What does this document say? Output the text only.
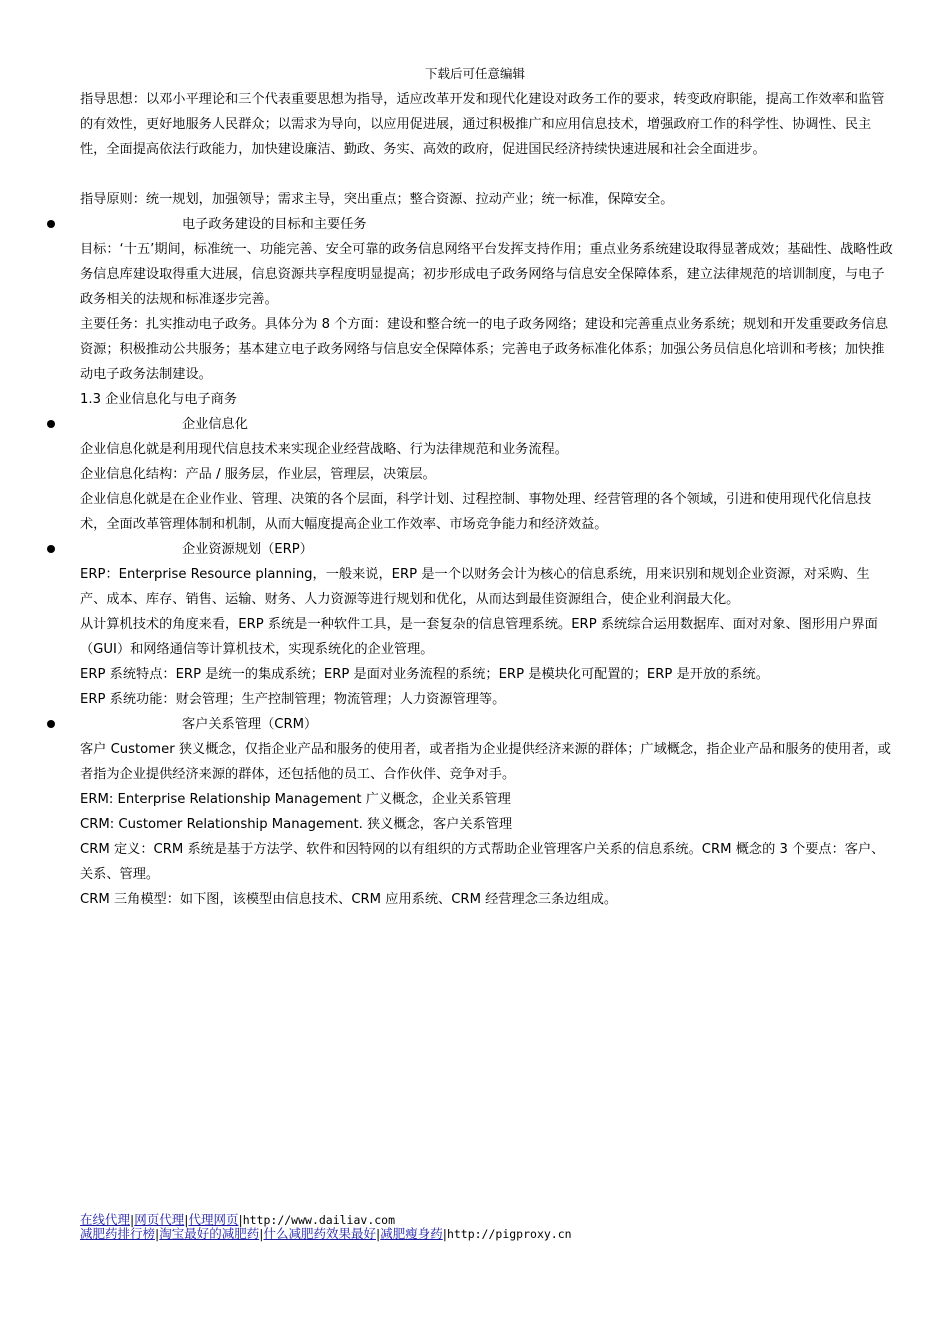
下载后可任意编辑

指导思想：以邓小平理论和三个代表重要思想为指导，适应改革开发和现代化建设对政务工作的要求，转变政府职能，提高工作效率和监管的有效性，更好地服务人民群众；以需求为导向，以应用促进展，通过积极推广和应用信息技术，增强政府工作的科学性、协调性、民主性，全面提高依法行政能力，加快建设廉洁、勤政、务实、高效的政府，促进国民经济持续快速进展和社会全面进步。

指导原则：统一规划，加强领导；需求主导，突出重点；整合资源、拉动产业；统一标准，保障安全。

电子政务建设的目标和主要任务

目标：‘十五’期间，标准统一、功能完善、安全可靠的政务信息网络平台发挥支持作用；重点业务系统建设取得显著成效；基础性、战略性政务信息库建设取得重大进展，信息资源共享程度明显提高；初步形成电子政务网络与信息安全保障体系，建立法律规范的培训制度，与电子政务相关的法规和标准逐步完善。

主要任务：扎实推动电子政务。具体分为 8 个方面：建设和整合统一的电子政务网络；建设和完善重点业务系统；规划和开发重要政务信息资源；积极推动公共服务；基本建立电子政务网络与信息安全保障体系；完善电子政务标准化体系；加强公务员信息化培训和考核；加快推动电子政务法制建设。

1.3 企业信息化与电子商务

企业信息化

企业信息化就是利用现代信息技术来实现企业经营战略、行为法律规范和业务流程。

企业信息化结构：产品 / 服务层，作业层，管理层，决策层。

企业信息化就是在企业作业、管理、决策的各个层面，科学计划、过程控制、事物处理、经营管理的各个领域，引进和使用现代化信息技术，全面改革管理体制和机制，从而大幅度提高企业工作效率、市场竞争能力和经济效益。

企业资源规划（ERP）

ERP：Enterprise Resource planning，一般来说，ERP 是一个以财务会计为核心的信息系统，用来识别和规划企业资源，对采购、生产、成本、库存、销售、运输、财务、人力资源等进行规划和优化，从而达到最佳资源组合，使企业利润最大化。

从计算机技术的角度来看，ERP 系统是一种软件工具，是一套复杂的信息管理系统。ERP 系统综合运用数据库、面对对象、图形用户界面（GUI）和网络通信等计算机技术，实现系统化的企业管理。

ERP 系统特点：ERP 是统一的集成系统；ERP 是面对业务流程的系统；ERP 是模块化可配置的；ERP 是开放的系统。

ERP 系统功能：财会管理；生产控制管理；物流管理；人力资源管理等。

客户关系管理（CRM）

客户 Customer 狭义概念，仅指企业产品和服务的使用者，或者指为企业提供经济来源的群体；广域概念，指企业产品和服务的使用者，或者指为企业提供经济来源的群体，还包括他的员工、合作伙伴、竞争对手。

ERM: Enterprise Relationship Management 广义概念，企业关系管理

CRM: Customer Relationship Management. 狭义概念，客户关系管理

CRM 定义：CRM 系统是基于方法学、软件和因特网的以有组织的方式帮助企业管理客户关系的信息系统。CRM 概念的 3 个要点：客户、关系、管理。

CRM 三角模型：如下图，该模型由信息技术、CRM 应用系统、CRM 经营理念三条边组成。

在线代理|网页代理|代理网页|http://www.dailiav.com
减肥药排行榜|淘宝最好的减肥药|什么减肥药效果最好|减肥瘦身药|http://pigproxy.cn
